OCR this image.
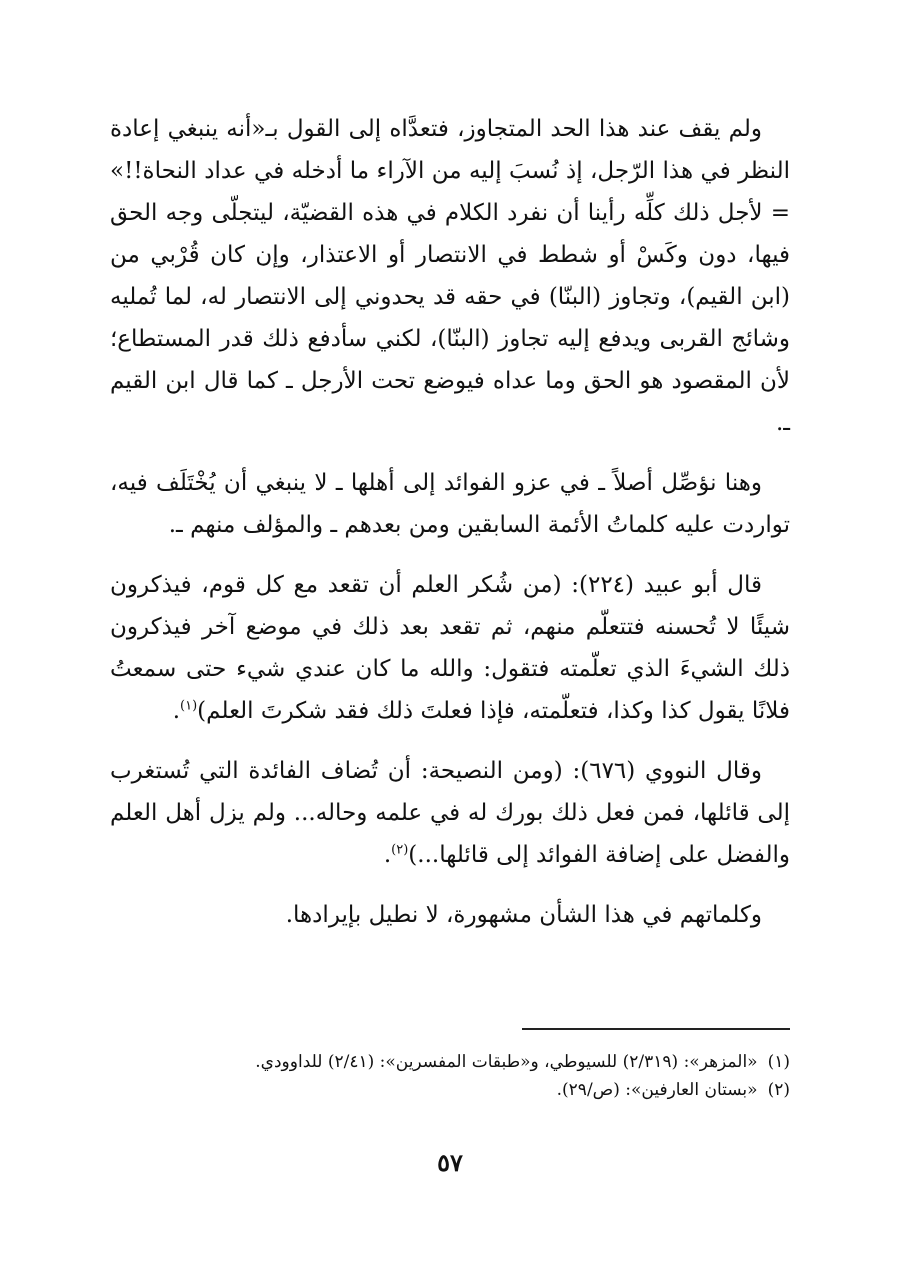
ولم يقف عند هذا الحد المتجاوز، فتعدَّاه إلى القول بـ«أنه ينبغي إعادة النظر في هذا الرّجل، إذ نُسبَ إليه من الآراء ما أدخله في عداد النحاة!!» = لأجل ذلك كلِّه رأينا أن نفرد الكلام في هذه القضيّة، ليتجلّى وجه الحق فيها، دون وكَسْ أو شطط في الانتصار أو الاعتذار، وإن كان قُرْبي من (ابن القيم)، وتجاوز (البنّا) في حقه قد يحدوني إلى الانتصار له، لما تُمليه وشائج القربى ويدفع إليه تجاوز (البنّا)، لكني سأدفع ذلك قدر المستطاع؛ لأن المقصود هو الحق وما عداه فيوضع تحت الأرجل ـ كما قال ابن القيم ـ.

وهنا نؤصِّل أصلاً ـ في عزو الفوائد إلى أهلها ـ لا ينبغي أن يُخْتَلَف فيه، تواردت عليه كلماتُ الأئمة السابقين ومن بعدهم ـ والمؤلف منهم ـ.

قال أبو عبيد (٢٢٤): (من شُكر العلم أن تقعد مع كل قوم، فيذكرون شيئًا لا تُحسنه فتتعلّم منهم، ثم تقعد بعد ذلك في موضع آخر فيذكرون ذلك الشيءَ الذي تعلّمته فتقول: والله ما كان عندي شيء حتى سمعتُ فلانًا يقول كذا وكذا، فتعلّمته، فإذا فعلتَ ذلك فقد شكرتَ العلم)$^{(١)}$.

وقال النووي (٦٧٦): (ومن النصيحة: أن تُضاف الفائدة التي تُستغرب إلى قائلها، فمن فعل ذلك بورك له في علمه وحاله... ولم يزل أهل العلم والفضل على إضافة الفوائد إلى قائلها...)$^{(٢)}$.

وكلماتهم في هذا الشأن مشهورة، لا نطيل بإيرادها.

(١)
«المزهر»: (٢/٣١٩) للسيوطي، و«طبقات المفسرين»: (٢/٤١) للداوودي.

(٢)
«بستان العارفين»: (ص/٢٩).

٥٧
